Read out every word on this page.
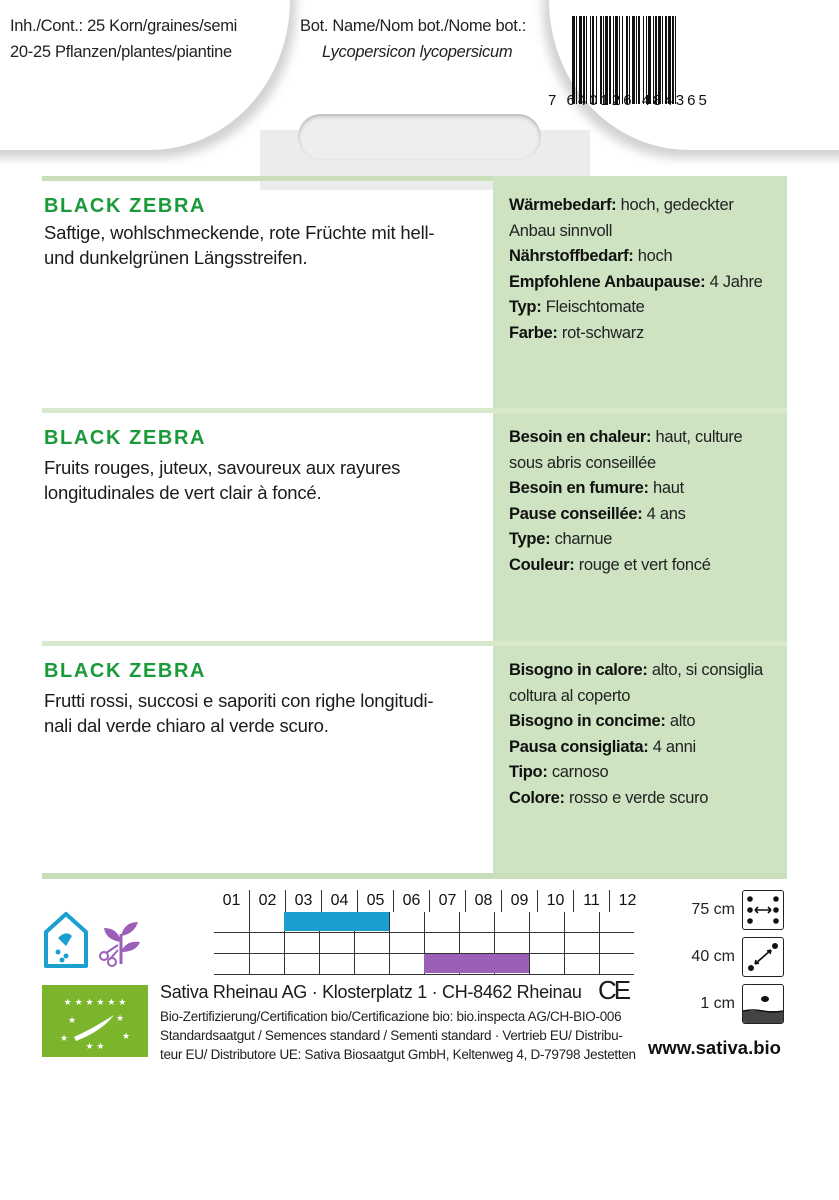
Inh./Cont.: 25 Korn/graines/semi
20-25 Pflanzen/plantes/piantine
Bot. Name/Nom bot./Nome bot.:
Lycopersicon lycopersicum
7 640126 484365
BLACK ZEBRA
Saftige, wohlschmeckende, rote Früchte mit hell-
und dunkelgrünen Längsstreifen.
Wärmebedarf: hoch, gedeckter
Anbau sinnvoll
Nährstoffbedarf: hoch
Empfohlene Anbaupause: 4 Jahre
Typ: Fleischtomate
Farbe: rot-schwarz
BLACK ZEBRA
Fruits rouges, juteux, savoureux aux rayures
longitudinales de vert clair à foncé.
Besoin en chaleur: haut, culture
sous abris conseillée
Besoin en fumure: haut
Pause conseillée: 4 ans
Type: charnue
Couleur: rouge et vert foncé
BLACK ZEBRA
Frutti rossi, succosi e saporiti con righe longitudi-
nali dal verde chiaro al verde scuro.
Bisogno in calore: alto, si consiglia
coltura al coperto
Bisogno in concime: alto
Pausa consigliata: 4 anni
Tipo: carnoso
Colore: rosso e verde scuro
01	02	03	04	05	06	07	08	09	10	11	12
★ ★ ★ ★ ★ ★
★	★
★	★
★ ★
Sativa Rheinau AG · Klosterplatz 1 · CH-8462 Rheinau CE
Bio-Zertifizierung/Certification bio/Certificazione bio: bio.inspecta AG/CH-BIO-006
Standardsaatgut / Semences standard / Sementi standard · Vertrieb EU/ Distribu-
teur EU/ Distributore UE: Sativa Biosaatgut GmbH, Keltenweg 4, D-79798 Jestetten
75 cm
40 cm
1 cm
www.sativa.bio
